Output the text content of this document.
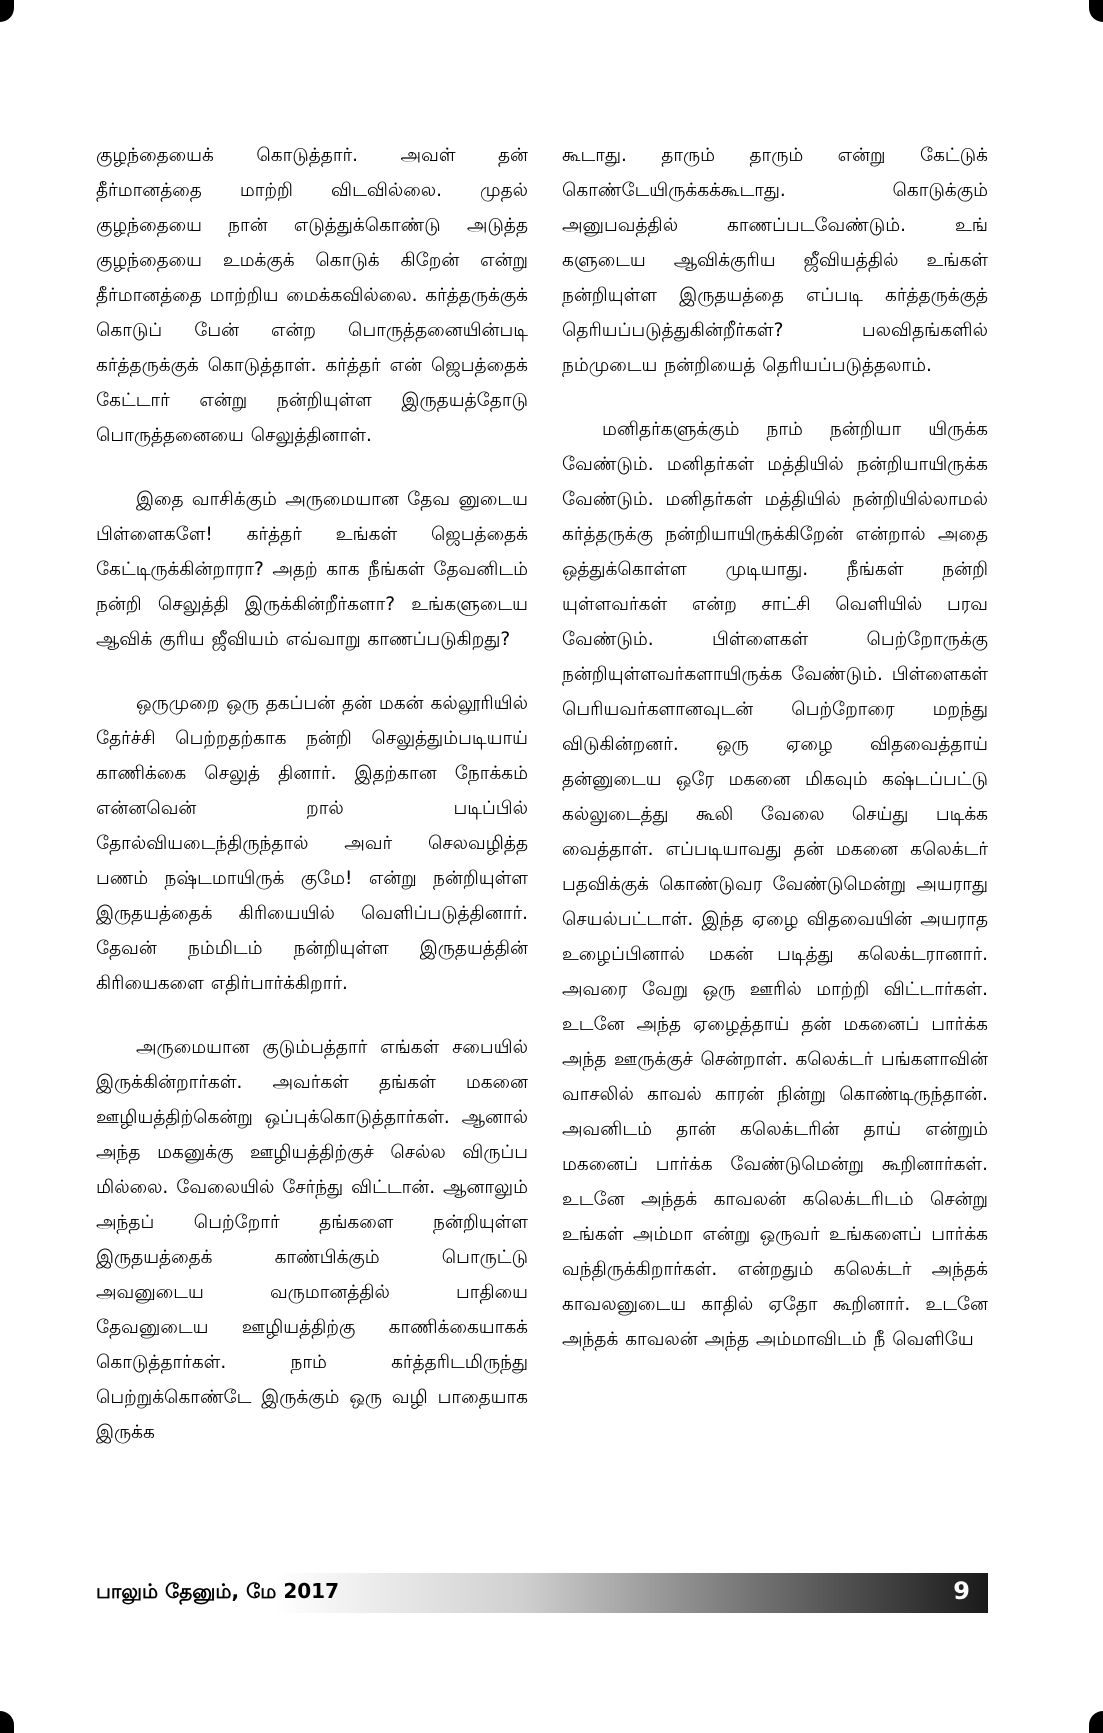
குழந்தையைக் கொடுத்தார். அவள் தன் தீர்மானத்தை மாற்றி விடவில்லை. முதல் குழந்தையை நான் எடுத்துக்கொண்டு அடுத்த குழந்தையை உமக்குக் கொடுக் கிறேன் என்று தீர்மானத்தை மாற்றிய மைக்கவில்லை. கர்த்தருக்குக் கொடுப் பேன் என்ற பொருத்தனையின்படி கர்த்தருக்குக் கொடுத்தாள். கர்த்தர் என் ஜெபத்தைக் கேட்டார் என்று நன்றியுள்ள இருதயத்தோடு பொருத்தனையை செலுத்தினாள்.

இதை வாசிக்கும் அருமையான தேவ னுடைய பிள்ளைகளே! கர்த்தர் உங்கள் ஜெபத்தைக் கேட்டிருக்கின்றாரா? அதற் காக நீங்கள் தேவனிடம் நன்றி செலுத்தி இருக்கின்றீர்களா? உங்களுடைய ஆவிக் குரிய ஜீவியம் எவ்வாறு காணப்படுகிறது?

ஒருமுறை ஒரு தகப்பன் தன் மகன் கல்லூரியில் தேர்ச்சி பெற்றதற்காக நன்றி செலுத்தும்படியாய் காணிக்கை செலுத் தினார். இதற்கான நோக்கம் என்னவென் றால் படிப்பில் தோல்வியடைந்திருந்தால் அவர் செலவழித்த பணம் நஷ்டமாயிருக் குமே! என்று நன்றியுள்ள இருதயத்தைக் கிரியையில் வெளிப்படுத்தினார். தேவன் நம்மிடம் நன்றியுள்ள இருதயத்தின் கிரியைகளை எதிர்பார்க்கிறார்.

அருமையான குடும்பத்தார் எங்கள் சபையில் இருக்கின்றார்கள். அவர்கள் தங்கள் மகனை ஊழியத்திற்கென்று ஒப்புக்கொடுத்தார்கள். ஆனால் அந்த மகனுக்கு ஊழியத்திற்குச் செல்ல விருப்ப மில்லை. வேலையில் சேர்ந்து விட்டான். ஆனாலும் அந்தப் பெற்றோர் தங்களை நன்றியுள்ள இருதயத்தைக் காண்பிக்கும் பொருட்டு அவனுடைய வருமானத்தில் பாதியை தேவனுடைய ஊழியத்திற்கு காணிக்கையாகக் கொடுத்தார்கள். நாம் கர்த்தரிடமிருந்து பெற்றுக்கொண்டே இருக்கும் ஒரு வழி பாதையாக இருக்க

கூடாது. தாரும் தாரும் என்று கேட்டுக் கொண்டேயிருக்கக்கூடாது. கொடுக்கும் அனுபவத்தில் காணப்படவேண்டும். உங் களுடைய ஆவிக்குரிய ஜீவியத்தில் உங்கள் நன்றியுள்ள இருதயத்தை எப்படி கர்த்தருக்குத் தெரியப்படுத்துகின்றீர்கள்? பலவிதங்களில் நம்முடைய நன்றியைத் தெரியப்படுத்தலாம்.

மனிதர்களுக்கும் நாம் நன்றியா யிருக்க வேண்டும். மனிதர்கள் மத்தியில் நன்றியாயிருக்க வேண்டும். மனிதர்கள் மத்தியில் நன்றியில்லாமல் கர்த்தருக்கு நன்றியாயிருக்கிறேன் என்றால் அதை ஒத்துக்கொள்ள முடியாது. நீங்கள் நன்றி யுள்ளவர்கள் என்ற சாட்சி வெளியில் பரவ வேண்டும். பிள்ளைகள் பெற்றோருக்கு நன்றியுள்ளவர்களாயிருக்க வேண்டும். பிள்ளைகள் பெரியவர்களானவுடன் பெற்றோரை மறந்து விடுகின்றனர். ஒரு ஏழை விதவைத்தாய் தன்னுடைய ஒரே மகனை மிகவும் கஷ்டப்பட்டு கல்லுடைத்து கூலி வேலை செய்து படிக்க வைத்தாள். எப்படியாவது தன் மகனை கலெக்டர் பதவிக்குக் கொண்டுவர வேண்டுமென்று அயராது செயல்பட்டாள். இந்த ஏழை விதவையின் அயராத உழைப்பினால் மகன் படித்து கலெக்டரானார். அவரை வேறு ஒரு ஊரில் மாற்றி விட்டார்கள். உடனே அந்த ஏழைத்தாய் தன் மகனைப் பார்க்க அந்த ஊருக்குச் சென்றாள். கலெக்டர் பங்களாவின் வாசலில் காவல் காரன் நின்று கொண்டிருந்தான். அவனிடம் தான் கலெக்டரின் தாய் என்றும் மகனைப் பார்க்க வேண்டுமென்று கூறினார்கள். உடனே அந்தக் காவலன் கலெக்டரிடம் சென்று உங்கள் அம்மா என்று ஒருவர் உங்களைப் பார்க்க வந்திருக்கிறார்கள். என்றதும் கலெக்டர் அந்தக் காவலனுடைய காதில் ஏதோ கூறினார். உடனே அந்தக் காவலன் அந்த அம்மாவிடம் நீ வெளியே

பாலும் தேனும், மே 2017	9
